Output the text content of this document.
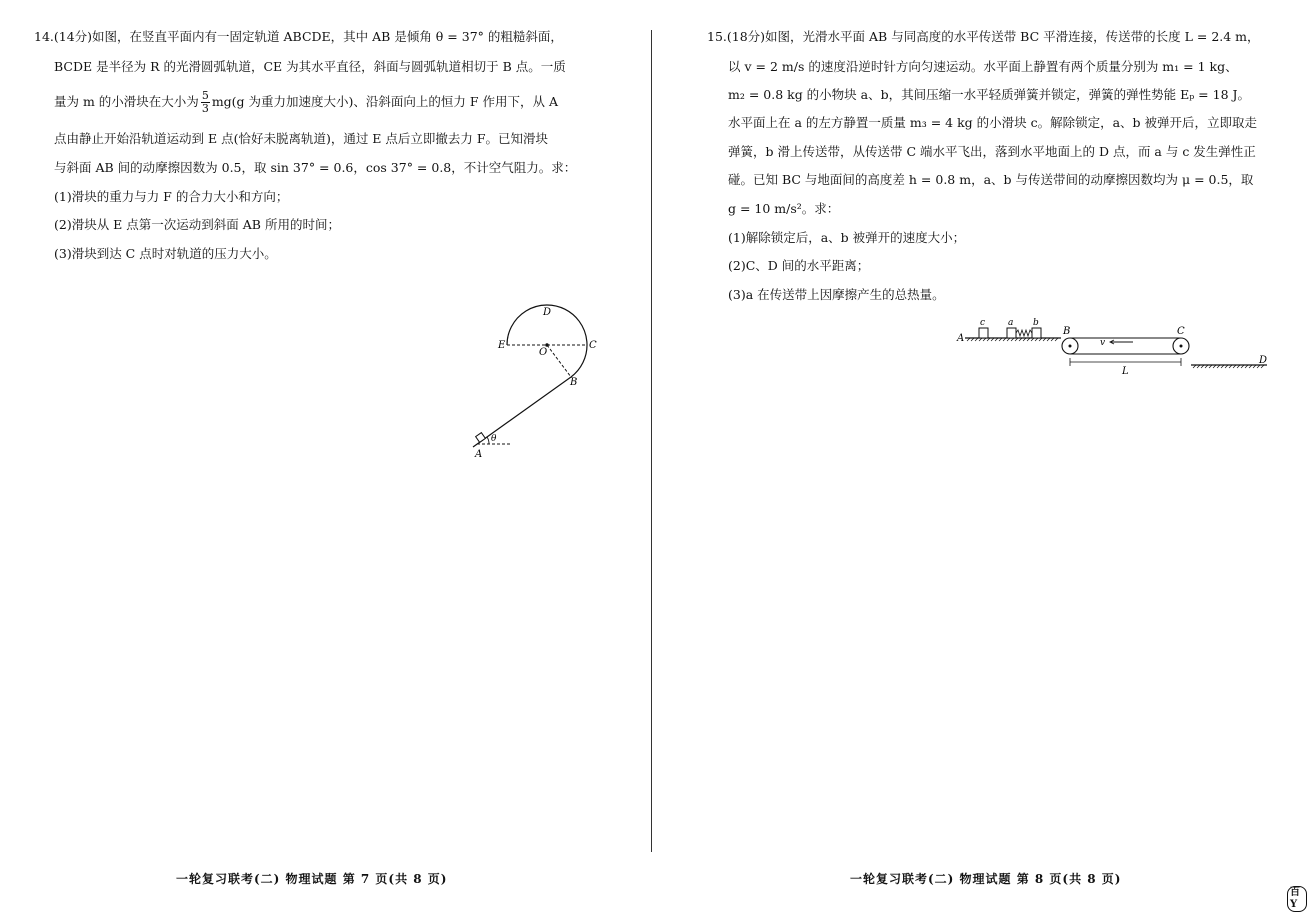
14.(14分)如图，在竖直平面内有一固定轨道 ABCDE，其中 AB 是倾角 θ = 37° 的粗糙斜面，
BCDE 是半径为 R 的光滑圆弧轨道，CE 为其水平直径，斜面与圆弧轨道相切于 B 点。一质
量为 m 的小滑块在大小为 $\frac{5}{3} mg(g$ 为重力加速度大小)、沿斜面向上的恒力 F 作用下，从 A
点由静止开始沿轨道运动到 E 点(恰好未脱离轨道)，通过 E 点后立即撤去力 F。已知滑块
与斜面 AB 间的动摩擦因数为 0.5，取 sin 37° = 0.6，cos 37° = 0.8，不计空气阻力。求：
(1)滑块的重力与力 F 的合力大小和方向；
(2)滑块从 E 点第一次运动到斜面 AB 所用的时间；
(3)滑块到达 C 点时对轨道的压力大小。
D
E
O
C
B
A
θ
一轮复习联考(二) 物理试题 第 7 页(共 8 页)
15.(18分)如图，光滑水平面 AB 与同高度的水平传送带 BC 平滑连接，传送带的长度 L = 2.4 m，
以 v = 2 m/s 的速度沿逆时针方向匀速运动。水平面上静置有两个质量分别为 m₁ = 1 kg、
m₂ = 0.8 kg 的小物块 a、b，其间压缩一水平轻质弹簧并锁定，弹簧的弹性势能 Eₚ = 18 J。
水平面上在 a 的左方静置一质量 m₃ = 4 kg 的小滑块 c。解除锁定，a、b 被弹开后，立即取走
弹簧，b 滑上传送带，从传送带 C 端水平飞出，落到水平地面上的 D 点，而 a 与 c 发生弹性正
碰。已知 BC 与地面间的高度差 h = 0.8 m，a、b 与传送带间的动摩擦因数均为 μ = 0.5，取
g = 10 m/s²。求：
(1)解除锁定后，a、b 被弹开的速度大小；
(2)C、D 间的水平距离；
(3)a 在传送带上因摩擦产生的总热量。
A
c	a b
B	C
v
L
D
一轮复习联考(二) 物理试题 第 8 页(共 8 页)
百Y
